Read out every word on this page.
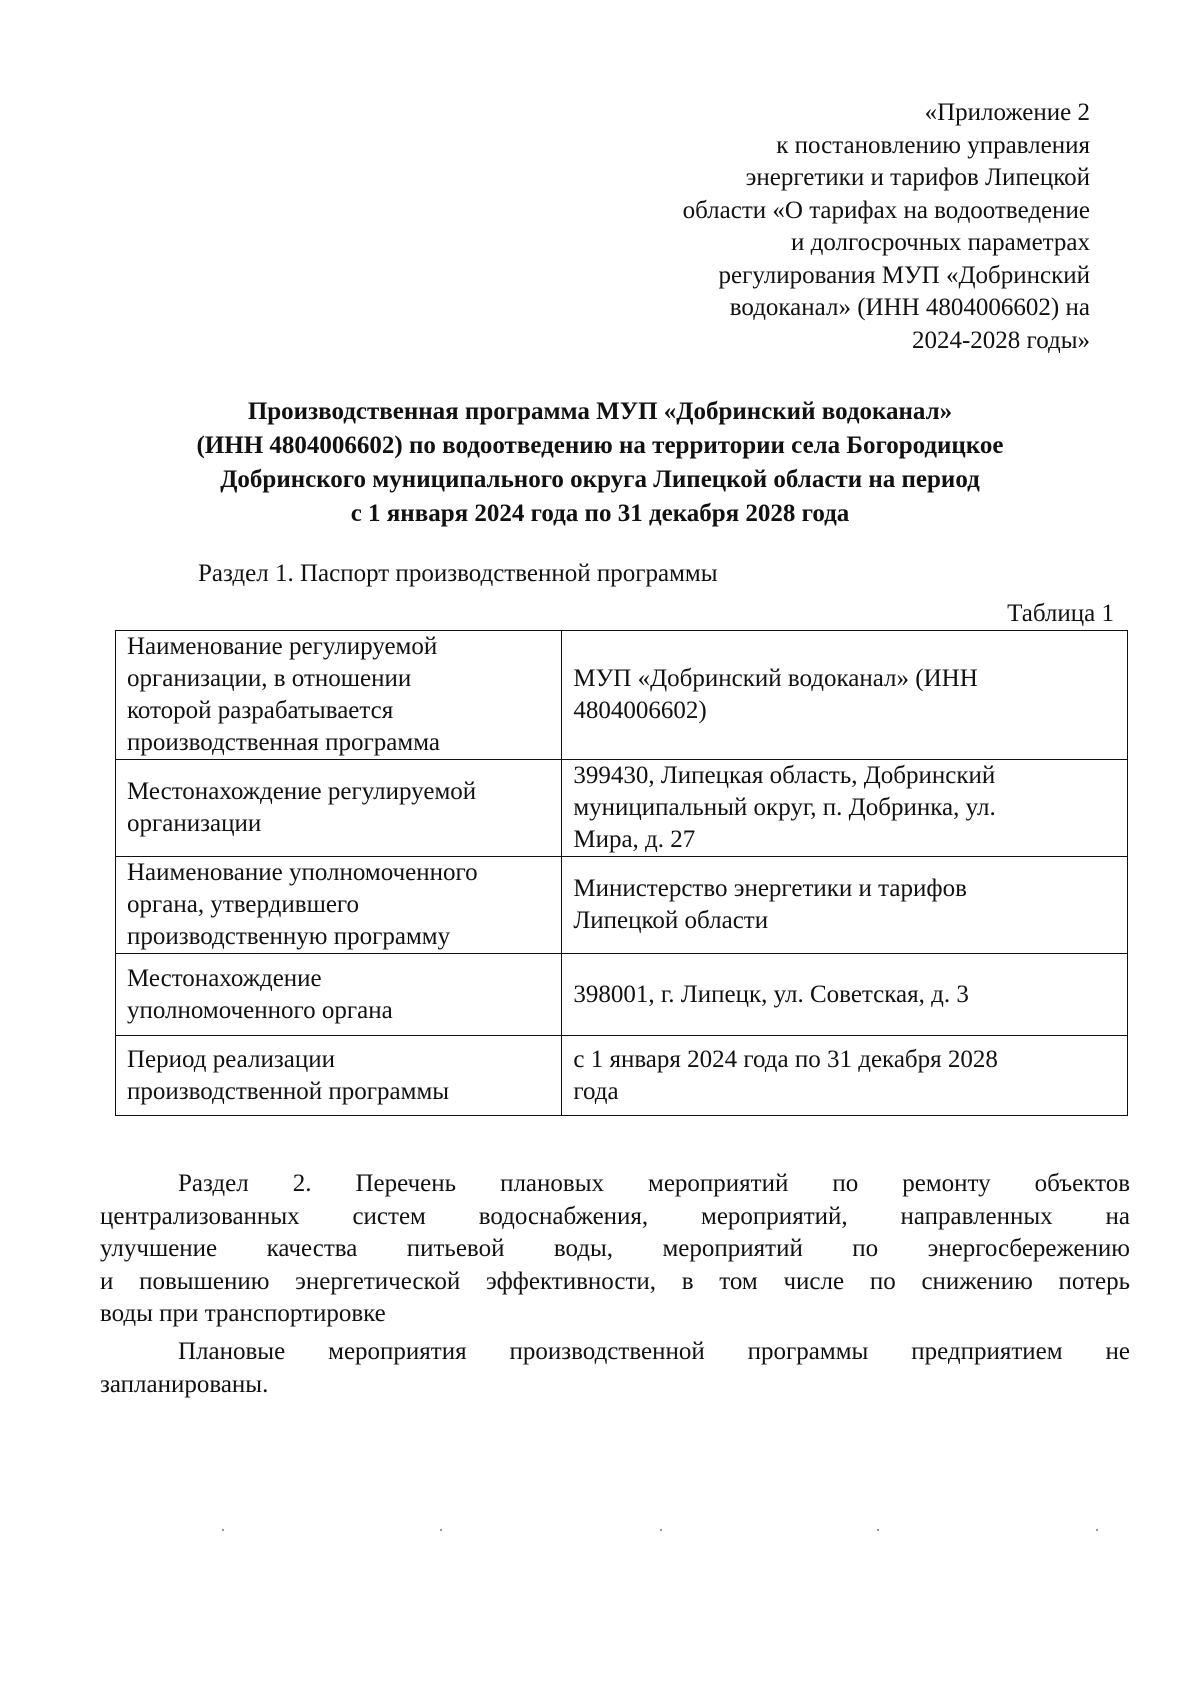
«Приложение 2
к постановлению управления
энергетики и тарифов Липецкой
области «О тарифах на водоотведение
и долгосрочных параметрах
регулирования МУП «Добринский
водоканал» (ИНН 4804006602) на
2024-2028 годы»
Производственная программа МУП «Добринский водоканал»
(ИНН 4804006602) по водоотведению на территории села Богородицкое
Добринского муниципального округа Липецкой области на период
с 1 января 2024 года по 31 декабря 2028 года
Раздел 1. Паспорт производственной программы
Таблица 1
Наименование регулируемой
организации, в отношении
которой разрабатывается
производственная программа	МУП «Добринский водоканал» (ИНН
4804006602)

Местонахождение регулируемой
организации	399430, Липецкая область, Добринский
муниципальный округ, п. Добринка, ул.
Мира, д. 27

Наименование уполномоченного
органа, утвердившего
производственную программу	Министерство энергетики и тарифов
Липецкой области

Местонахождение
уполномоченного органа	398001, г. Липецк, ул. Советская, д. 3

Период реализации
производственной программы	с 1 января 2024 года по 31 декабря 2028
года
Раздел 2. Перечень плановых мероприятий по ремонту объектов
централизованных систем водоснабжения, мероприятий, направленных на
улучшение качества питьевой воды, мероприятий по энергосбережению
и повышению энергетической эффективности, в том числе по снижению потерь
воды при транспортировке
Плановые мероприятия производственной программы предприятием не
запланированы.
